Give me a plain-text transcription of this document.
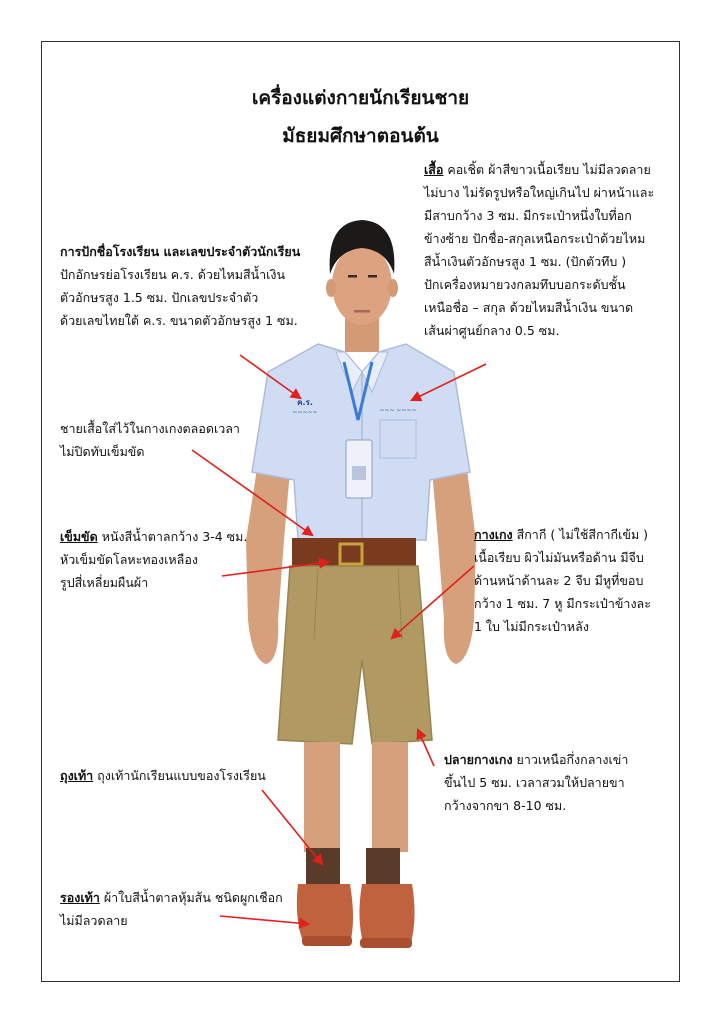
เครื่องแต่งกายนักเรียนชาย
มัธยมศึกษาตอนต้น
~~~ ~~~~
ค.ร.
~~~~~
เสื้อ คอเชิ้ต ผ้าสีขาวเนื้อเรียบ ไม่มีลวดลาย
ไม่บาง ไม่รัดรูปหรือใหญ่เกินไป ผ่าหน้าและ
มีสาบกว้าง 3 ซม. มีกระเป๋าหนึ่งใบที่อก
ข้างซ้าย ปักชื่อ-สกุลเหนือกระเป๋าด้วยไหม
สีน้ำเงินตัวอักษรสูง 1 ซม. (ปักตัวทึบ )
ปักเครื่องหมายวงกลมทึบบอกระดับชั้น
เหนือชื่อ – สกุล ด้วยไหมสีน้ำเงิน ขนาด
เส้นผ่าศูนย์กลาง 0.5 ซม.
การปักชื่อโรงเรียน และเลขประจำตัวนักเรียน
ปักอักษรย่อโรงเรียน ค.ร. ด้วยไหมสีน้ำเงิน
ตัวอักษรสูง 1.5 ซม. ปักเลขประจำตัว
ด้วยเลขไทยใต้ ค.ร. ขนาดตัวอักษรสูง 1 ซม.
ชายเสื้อใส่ไว้ในกางเกงตลอดเวลา
ไม่ปิดทับเข็มขัด
เข็มขัด หนังสีน้ำตาลกว้าง 3-4 ซม.
หัวเข็มขัดโลหะทองเหลือง
รูปสี่เหลี่ยมผืนผ้า
กางเกง สีกากี ( ไม่ใช้สีกากีเข้ม )
เนื้อเรียบ ผิวไม่มันหรือด้าน มีจีบ
ด้านหน้าด้านละ 2 จีบ มีหูที่ขอบ
กว้าง 1 ซม. 7 หู มีกระเป๋าข้างละ
1 ใบ ไม่มีกระเป๋าหลัง
ปลายกางเกง ยาวเหนือกึ่งกลางเข่า
ขึ้นไป 5 ซม. เวลาสวมให้ปลายขา
กว้างจากขา 8-10 ซม.
ถุงเท้า ถุงเท้านักเรียนแบบของโรงเรียน
รองเท้า ผ้าใบสีน้ำตาลหุ้มส้น ชนิดผูกเชือก
ไม่มีลวดลาย
